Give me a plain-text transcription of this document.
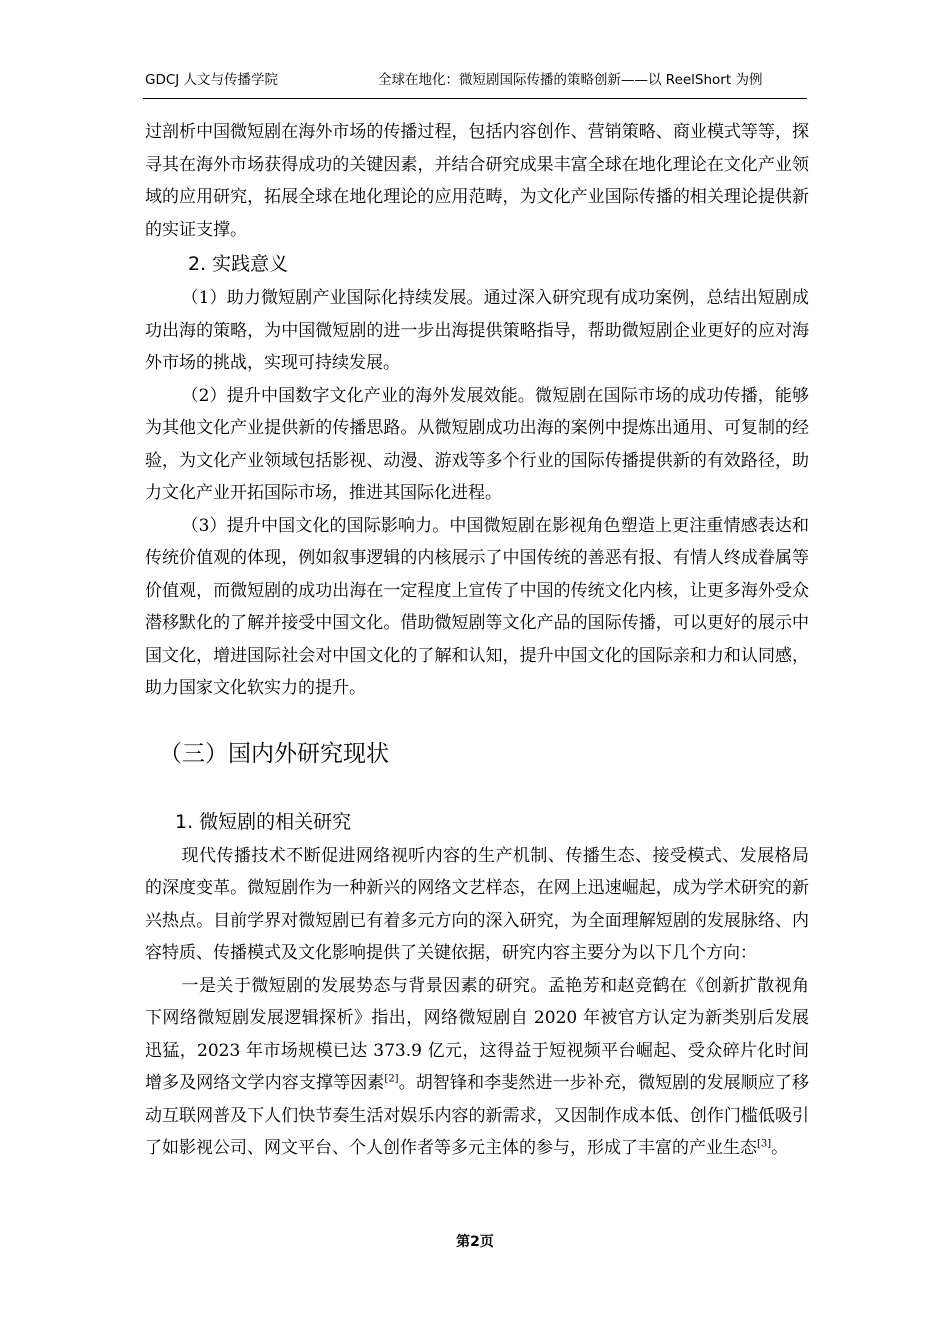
GDCJ 人文与传播学院	全球在地化：微短剧国际传播的策略创新——以 ReelShort 为例

过剖析中国微短剧在海外市场的传播过程，包括内容创作、营销策略、商业模式等等，探寻其在海外市场获得成功的关键因素，并结合研究成果丰富全球在地化理论在文化产业领域的应用研究，拓展全球在地化理论的应用范畴，为文化产业国际传播的相关理论提供新的实证支撑。

2. 实践意义

（1）助力微短剧产业国际化持续发展。通过深入研究现有成功案例，总结出短剧成功出海的策略，为中国微短剧的进一步出海提供策略指导，帮助微短剧企业更好的应对海外市场的挑战，实现可持续发展。

（2）提升中国数字文化产业的海外发展效能。微短剧在国际市场的成功传播，能够为其他文化产业提供新的传播思路。从微短剧成功出海的案例中提炼出通用、可复制的经验，为文化产业领域包括影视、动漫、游戏等多个行业的国际传播提供新的有效路径，助力文化产业开拓国际市场，推进其国际化进程。

（3）提升中国文化的国际影响力。中国微短剧在影视角色塑造上更注重情感表达和传统价值观的体现，例如叙事逻辑的内核展示了中国传统的善恶有报、有情人终成眷属等价值观，而微短剧的成功出海在一定程度上宣传了中国的传统文化内核，让更多海外受众潜移默化的了解并接受中国文化。借助微短剧等文化产品的国际传播，可以更好的展示中国文化，增进国际社会对中国文化的了解和认知，提升中国文化的国际亲和力和认同感，助力国家文化软实力的提升。

（三）国内外研究现状
1. 微短剧的相关研究

现代传播技术不断促进网络视听内容的生产机制、传播生态、接受模式、发展格局的深度变革。微短剧作为一种新兴的网络文艺样态，在网上迅速崛起，成为学术研究的新兴热点。目前学界对微短剧已有着多元方向的深入研究，为全面理解短剧的发展脉络、内容特质、传播模式及文化影响提供了关键依据，研究内容主要分为以下几个方向：

一是关于微短剧的发展势态与背景因素的研究。孟艳芳和赵竞鹤在《创新扩散视角下网络微短剧发展逻辑探析》指出，网络微短剧自 2020 年被官方认定为新类别后发展迅猛，2023 年市场规模已达 373.9 亿元，这得益于短视频平台崛起、受众碎片化时间增多及网络文学内容支撑等因素[2]。胡智锋和李斐然进一步补充，微短剧的发展顺应了移动互联网普及下人们快节奏生活对娱乐内容的新需求，又因制作成本低、创作门槛低吸引了如影视公司、网文平台、个人创作者等多元主体的参与，形成了丰富的产业生态[3]。

第2页
